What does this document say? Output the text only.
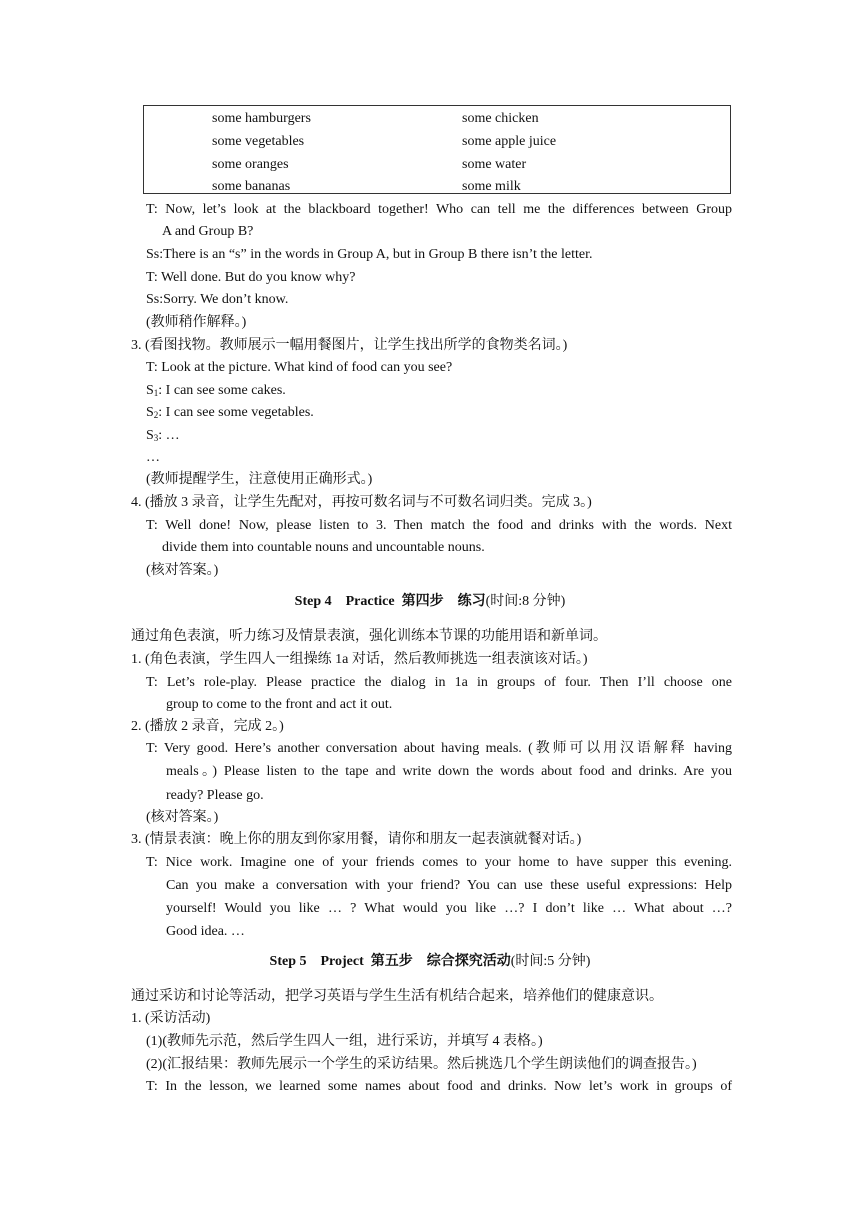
some hamburgers
some vegetables
some oranges
some bananas
some chicken
some apple juice
some water
some milk
T: Now, let’s look at the blackboard together! Who can tell me the differences between Group
A and Group B?
Ss:There is an “s” in the words in Group A, but in Group B there isn’t the letter.
T: Well done. But do you know why?
Ss:Sorry. We don’t know.
(教师稍作解释。)
3. (看图找物。教师展示一幅用餐图片，让学生找出所学的食物类名词。)
T: Look at the picture. What kind of food can you see?
$S_1$: I can see some cakes.
$S_2$: I can see some vegetables.
$S_3$: …
…
(教师提醒学生，注意使用正确形式。)
4. (播放 3 录音，让学生先配对，再按可数名词与不可数名词归类。完成 3。)
T: Well done! Now, please listen to 3. Then match the food and drinks with the words. Next
divide them into countable nouns and uncountable nouns.
(核对答案。)
Step 4    Practice  第四步    练习(时间:8 分钟)
通过角色表演，听力练习及情景表演，强化训练本节课的功能用语和新单词。
1. (角色表演，学生四人一组操练 1a 对话，然后教师挑选一组表演该对话。)
T: Let’s role-play. Please practice the dialog in 1a in groups of four. Then I’ll choose one
group to come to the front and act it out.
2. (播放 2 录音，完成 2。)
T: Very good. Here’s another conversation about having meals. (教师可以用汉语解释 having
meals。) Please listen to the tape and write down the words about food and drinks. Are you
ready? Please go.
(核对答案。)
3. (情景表演：晚上你的朋友到你家用餐，请你和朋友一起表演就餐对话。)
T: Nice work. Imagine one of your friends comes to your home to have supper this evening.
Can you make a conversation with your friend? You can use these useful expressions: Help
yourself! Would you like … ? What would you like …? I don’t like … What about …?
Good idea. …
Step 5    Project  第五步    综合探究活动(时间:5 分钟)
通过采访和讨论等活动，把学习英语与学生生活有机结合起来，培养他们的健康意识。
1. (采访活动)
(1)(教师先示范，然后学生四人一组，进行采访，并填写 4 表格。)
(2)(汇报结果：教师先展示一个学生的采访结果。然后挑选几个学生朗读他们的调查报告。)
T: In the lesson, we learned some names about food and drinks. Now let’s work in groups of
